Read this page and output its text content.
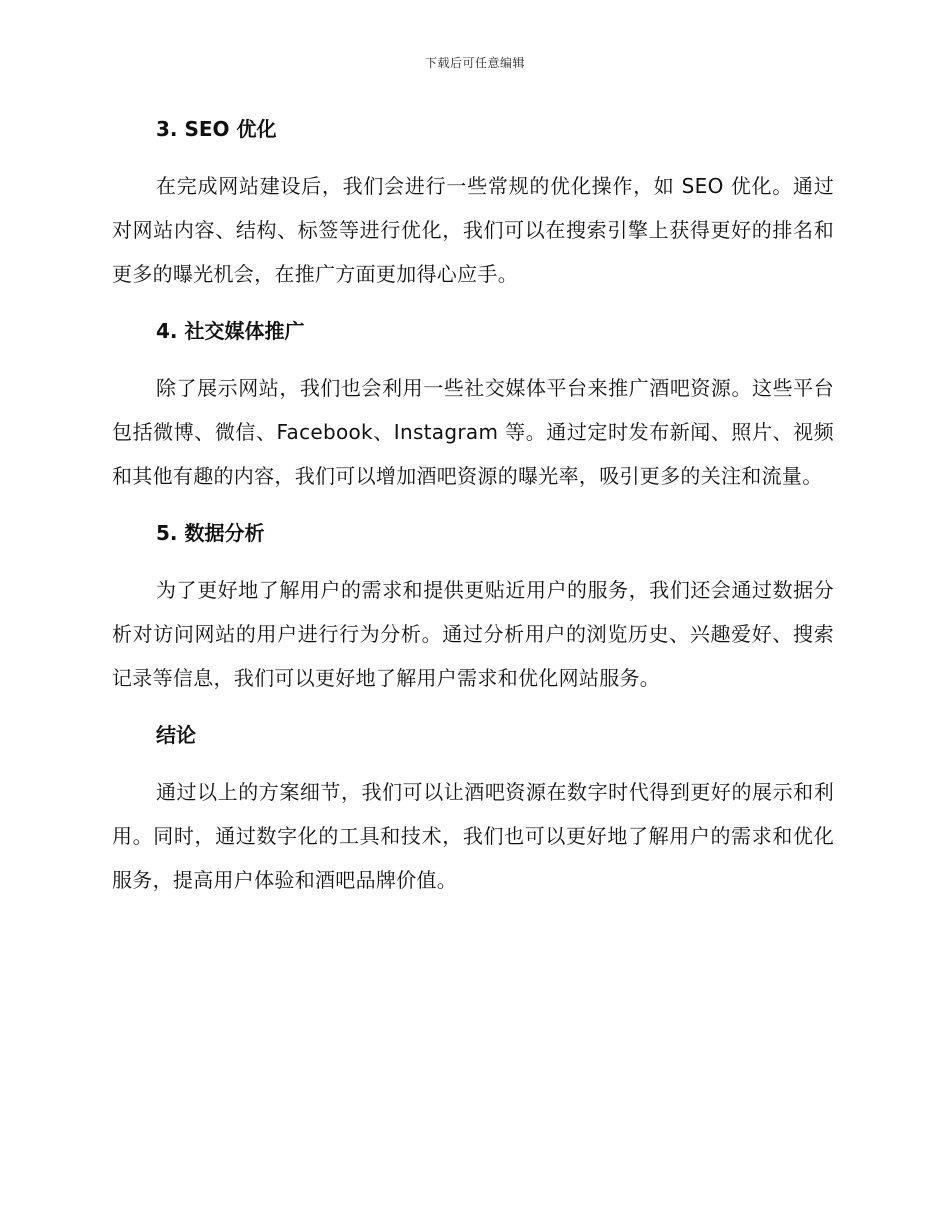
下载后可任意编辑
3. SEO 优化

在完成网站建设后，我们会进行一些常规的优化操作，如 SEO 优化。通过对网站内容、结构、标签等进行优化，我们可以在搜索引擎上获得更好的排名和更多的曝光机会，在推广方面更加得心应手。

4. 社交媒体推广

除了展示网站，我们也会利用一些社交媒体平台来推广酒吧资源。这些平台包括微博、微信、Facebook、Instagram 等。通过定时发布新闻、照片、视频和其他有趣的内容，我们可以增加酒吧资源的曝光率，吸引更多的关注和流量。

5. 数据分析

为了更好地了解用户的需求和提供更贴近用户的服务，我们还会通过数据分析对访问网站的用户进行行为分析。通过分析用户的浏览历史、兴趣爱好、搜索记录等信息，我们可以更好地了解用户需求和优化网站服务。

结论

通过以上的方案细节，我们可以让酒吧资源在数字时代得到更好的展示和利用。同时，通过数字化的工具和技术，我们也可以更好地了解用户的需求和优化服务，提高用户体验和酒吧品牌价值。
